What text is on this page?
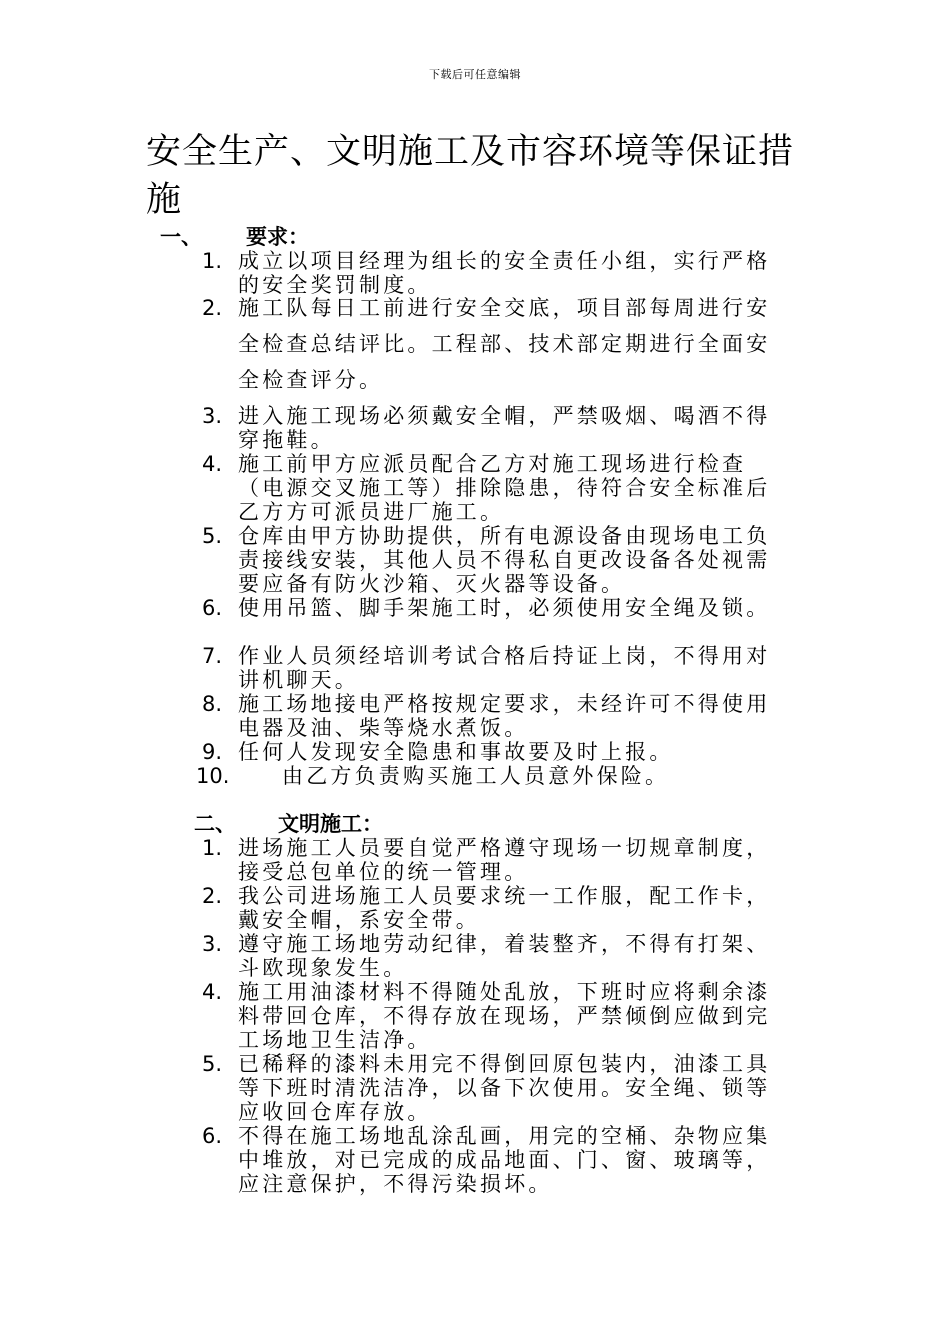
下载后可任意编辑
安全生产、文明施工及市容环境等保证措施
一、 要求：
1. 成立以项目经理为组长的安全责任小组，实行严格的安全奖罚制度。
2. 施工队每日工前进行安全交底，项目部每周进行安全检查总结评比。工程部、技术部定期进行全面安全检查评分。
3. 进入施工现场必须戴安全帽，严禁吸烟、喝酒不得穿拖鞋。
4. 施工前甲方应派员配合乙方对施工现场进行检查（电源交叉施工等）排除隐患，待符合安全标准后乙方方可派员进厂施工。
5. 仓库由甲方协助提供，所有电源设备由现场电工负责接线安装，其他人员不得私自更改设备各处视需要应备有防火沙箱、灭火器等设备。
6. 使用吊篮、脚手架施工时，必须使用安全绳及锁。
7. 作业人员须经培训考试合格后持证上岗，不得用对讲机聊天。
8. 施工场地接电严格按规定要求，未经许可不得使用电器及油、柴等烧水煮饭。
9. 任何人发现安全隐患和事故要及时上报。
10.	由乙方负责购买施工人员意外保险。
二、 文明施工：
1. 进场施工人员要自觉严格遵守现场一切规章制度，接受总包单位的统一管理。
2. 我公司进场施工人员要求统一工作服，配工作卡，戴安全帽，系安全带。
3. 遵守施工场地劳动纪律，着装整齐，不得有打架、斗欧现象发生。
4. 施工用油漆材料不得随处乱放，下班时应将剩余漆料带回仓库，不得存放在现场，严禁倾倒应做到完工场地卫生洁净。
5. 已稀释的漆料未用完不得倒回原包装内，油漆工具等下班时清洗洁净，以备下次使用。安全绳、锁等应收回仓库存放。
6. 不得在施工场地乱涂乱画，用完的空桶、杂物应集中堆放，对已完成的成品地面、门、窗、玻璃等，应注意保护，不得污染损坏。
